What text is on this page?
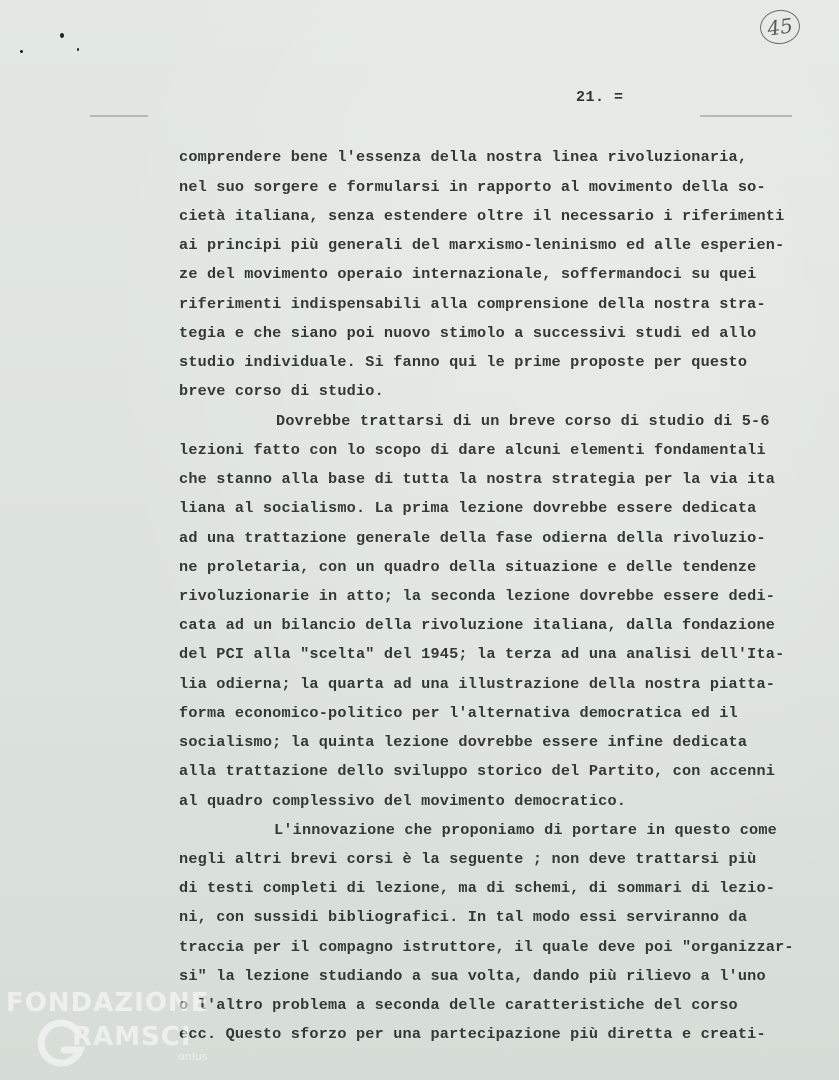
45
21. =
comprendere bene l'essenza della nostra linea rivoluzionaria,
nel suo sorgere e formularsi in rapporto al movimento della so-
cietà italiana, senza estendere oltre il necessario i riferimenti
ai principi più generali del marxismo-leninismo ed alle esperien-
ze del movimento operaio internazionale, soffermandoci su quei
riferimenti indispensabili alla comprensione della nostra stra-
tegia e che siano poi nuovo stimolo a successivi studi ed allo
studio individuale. Si fanno qui le prime proposte per questo
breve corso di studio.
Dovrebbe trattarsi di un breve corso di studio di 5-6
lezioni fatto con lo scopo di dare alcuni elementi fondamentali
che stanno alla base di tutta la nostra strategia per la via ita
liana al socialismo. La prima lezione dovrebbe essere dedicata
ad una trattazione generale della fase odierna della rivoluzio-
ne proletaria, con un quadro della situazione e delle tendenze
rivoluzionarie in atto; la seconda lezione dovrebbe essere dedi-
cata ad un bilancio della rivoluzione italiana, dalla fondazione
del PCI alla "scelta" del 1945; la terza ad una analisi dell'Ita-
lia odierna; la quarta ad una illustrazione della nostra piatta-
forma economico-politico per l'alternativa democratica ed il
socialismo; la quinta lezione dovrebbe essere infine dedicata
alla trattazione dello sviluppo storico del Partito, con accenni
al quadro complessivo del movimento democratico.
L'innovazione che proponiamo di portare in questo come
negli altri brevi corsi è la seguente ; non deve trattarsi più
di testi completi di lezione, ma di schemi, di sommari di lezio-
ni, con sussidi bibliografici. In tal modo essi serviranno da
traccia per il compagno istruttore, il quale deve poi "organizzar-
si" la lezione studiando a sua volta, dando più rilievo a l'uno
o l'altro problema a seconda delle caratteristiche del corso
ecc. Questo sforzo per una partecipazione più diretta e creati-
FONDAZIONE
RAMSCI
onlus
